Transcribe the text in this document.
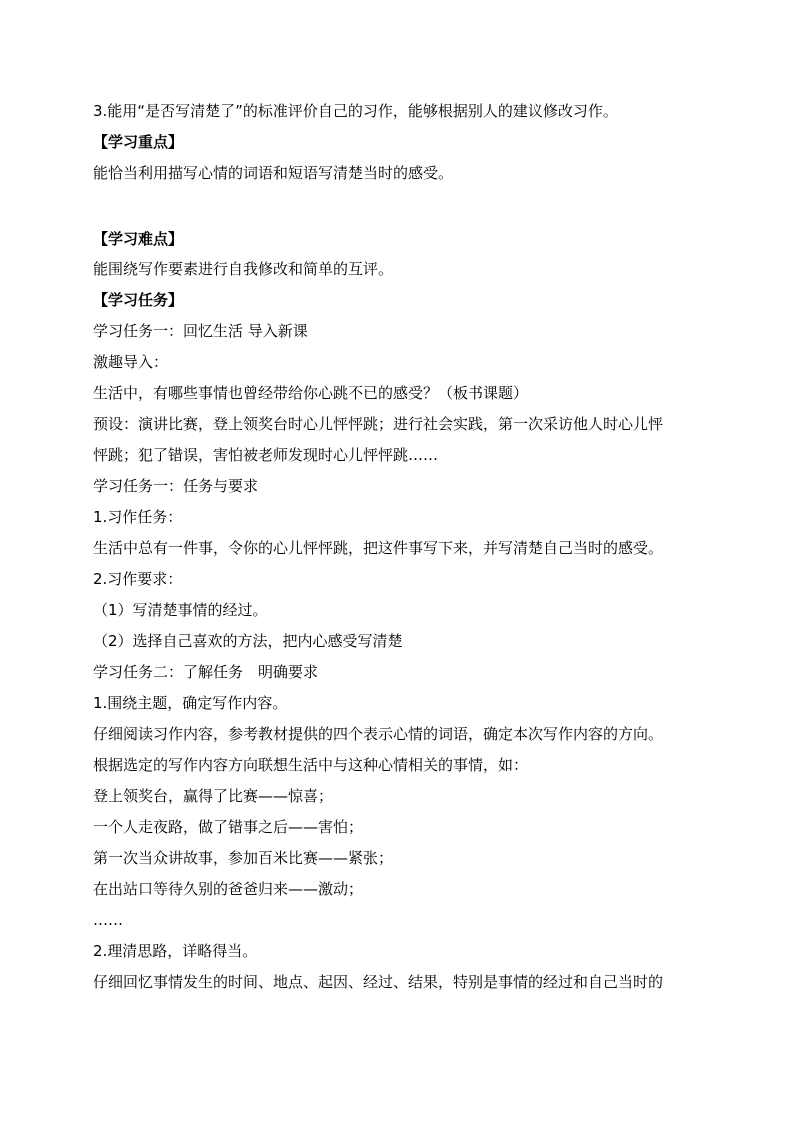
3.能用“是否写清楚了”的标准评价自己的习作，能够根据别人的建议修改习作。
【学习重点】
能恰当利用描写心情的词语和短语写清楚当时的感受。
【学习难点】
能围绕写作要素进行自我修改和简单的互评。
【学习任务】
学习任务一：回忆生活 导入新课
激趣导入：
生活中，有哪些事情也曾经带给你心跳不已的感受？（板书课题）
预设：演讲比赛，登上领奖台时心儿怦怦跳；进行社会实践，第一次采访他人时心儿怦
怦跳；犯了错误，害怕被老师发现时心儿怦怦跳……
学习任务一：任务与要求
1.习作任务：
生活中总有一件事，令你的心儿怦怦跳，把这件事写下来，并写清楚自己当时的感受。
2.习作要求：
（1）写清楚事情的经过。
（2）选择自己喜欢的方法，把内心感受写清楚
学习任务二：了解任务　明确要求
1.围绕主题，确定写作内容。
仔细阅读习作内容，参考教材提供的四个表示心情的词语，确定本次写作内容的方向。
根据选定的写作内容方向联想生活中与这种心情相关的事情，如：
登上领奖台，赢得了比赛——惊喜；
一个人走夜路，做了错事之后——害怕；
第一次当众讲故事，参加百米比赛——紧张；
在出站口等待久别的爸爸归来——激动；
……
2.理清思路，详略得当。
仔细回忆事情发生的时间、地点、起因、经过、结果，特别是事情的经过和自己当时的
